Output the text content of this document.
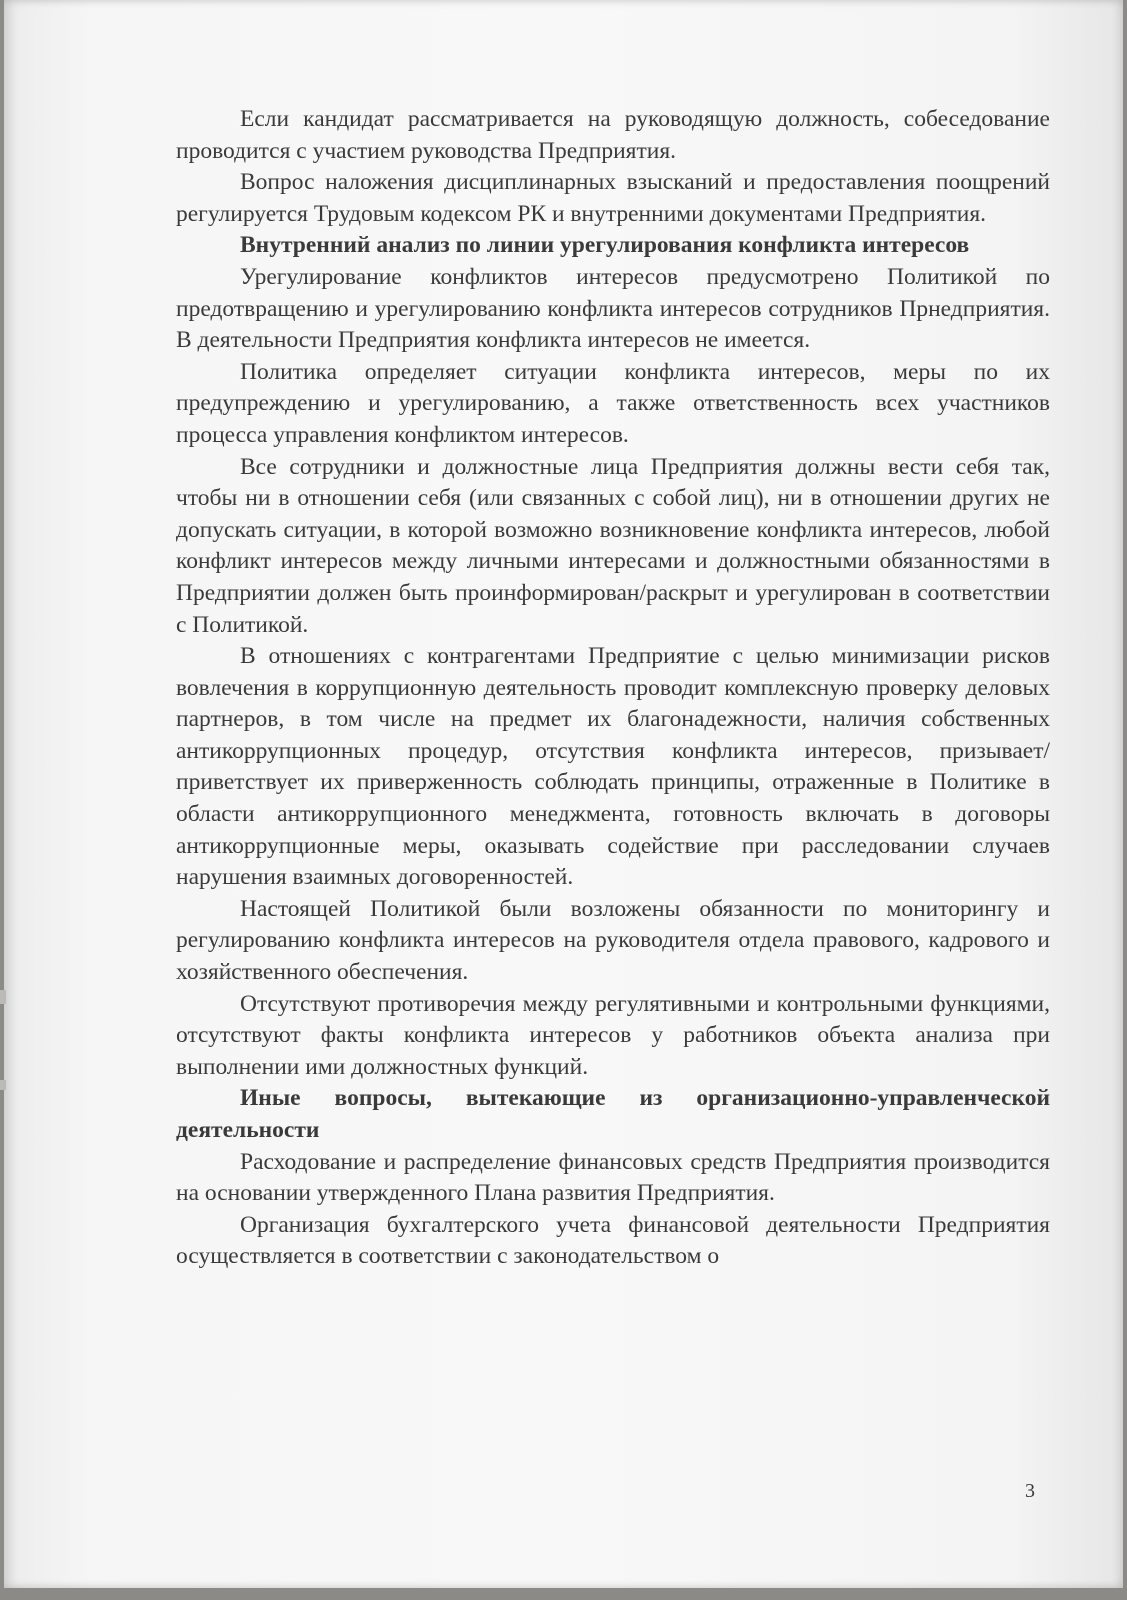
Если кандидат рассматривается на руководящую должность, собеседование проводится с участием руководства Предприятия.

Вопрос наложения дисциплинарных взысканий и предоставления поощрений регулируется Трудовым кодексом РК и внутренними документами Предприятия.

Внутренний анализ по линии урегулирования конфликта интересов

Урегулирование конфликтов интересов предусмотрено Политикой по предотвращению и урегулированию конфликта интересов сотрудников Прнедприятия. В деятельности Предприятия конфликта интересов не имеется.

Политика определяет ситуации конфликта интересов, меры по их предупреждению и урегулированию, а также ответственность всех участников процесса управления конфликтом интересов.

Все сотрудники и должностные лица Предприятия должны вести себя так, чтобы ни в отношении себя (или связанных с собой лиц), ни в отношении других не допускать ситуации, в которой возможно возникновение конфликта интересов, любой конфликт интересов между личными интересами и должностными обязанностями в Предприятии должен быть проинформирован/раскрыт и урегулирован в соответствии с Политикой.

В отношениях с контрагентами Предприятие с целью минимизации рисков вовлечения в коррупционную деятельность проводит комплексную проверку деловых партнеров, в том числе на предмет их благонадежности, наличия собственных антикоррупционных процедур, отсутствия конфликта интересов, призывает/приветствует их приверженность соблюдать принципы, отраженные в Политике в области антикоррупционного менеджмента, готовность включать в договоры антикоррупционные меры, оказывать содействие при расследовании случаев нарушения взаимных договоренностей.

Настоящей Политикой были возложены обязанности по мониторингу и регулированию конфликта интересов на руководителя отдела правового, кадрового и хозяйственного обеспечения.

Отсутствуют противоречия между регулятивными и контрольными функциями, отсутствуют факты конфликта интересов у работников объекта анализа при выполнении ими должностных функций.

Иные вопросы, вытекающие из организационно-управленческой деятельности

Расходование и распределение финансовых средств Предприятия производится на основании утвержденного Плана развития Предприятия.

Организация бухгалтерского учета финансовой деятельности Предприятия осуществляется в соответствии с законодательством о

3
